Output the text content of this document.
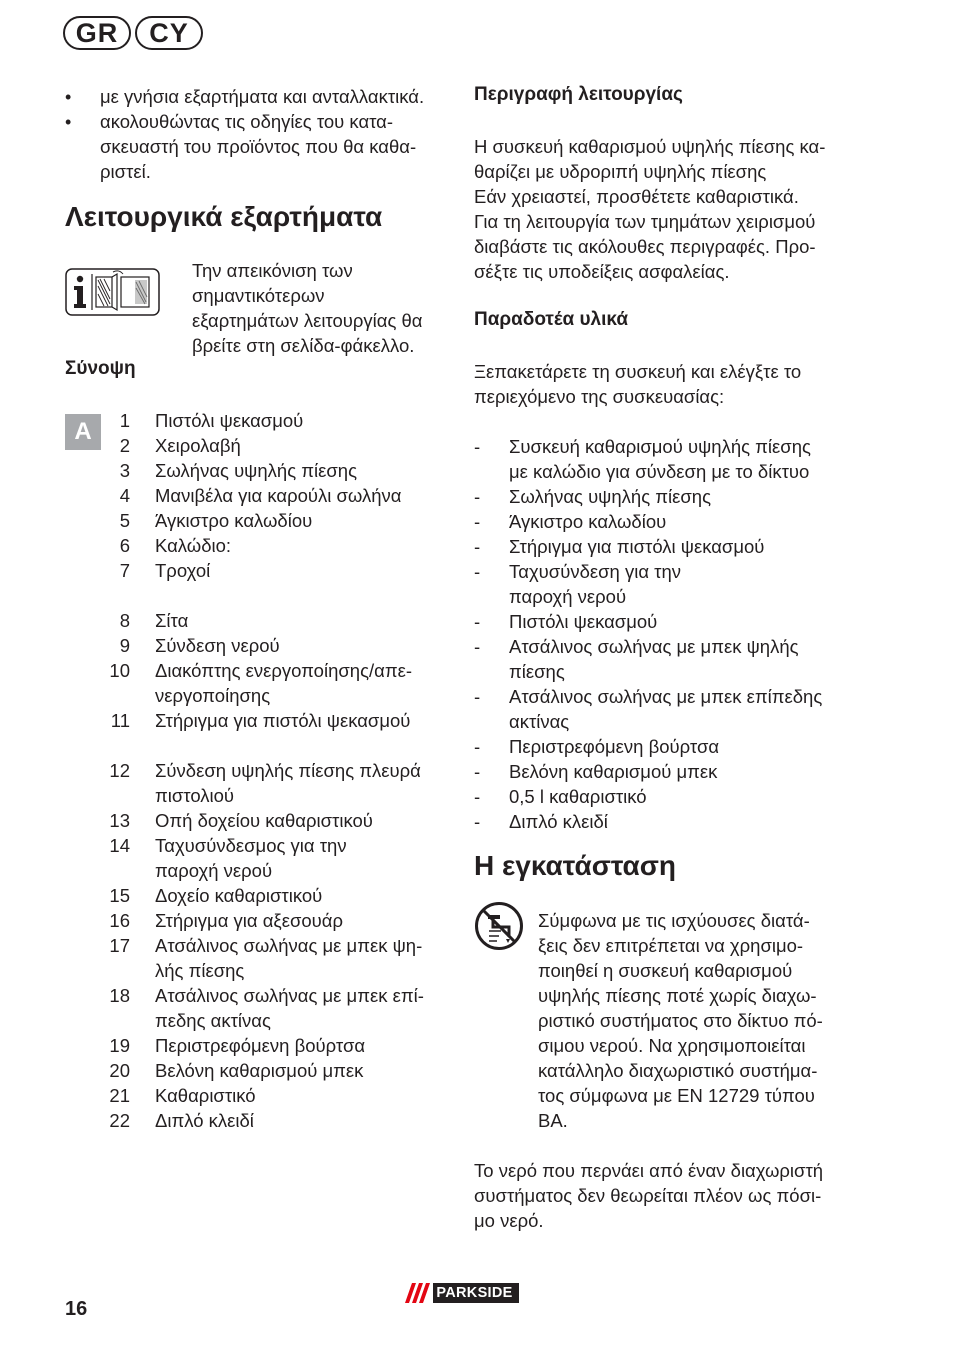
GR	CY
• με γνήσια εξαρτήματα και ανταλλακτικά.
• ακολουθώντας τις οδηγίες του κατα-
σκευαστή του προϊόντος που θα καθα-
ριστεί.
Λειτουργικά εξαρτήματα
Την απεικόνιση των
σημαντικότερων
εξαρτημάτων λειτουργίας θα
βρείτε στη σελίδα-φάκελλο.
Σύνοψη
A	1 Πιστόλι ψεκασμού
2 Χειρολαβή
3 Σωλήνας υψηλής πίεσης
4 Μανιβέλα για καρούλι σωλήνα
5 Άγκιστρο καλωδίου
6 Καλώδιο:
7 Τροχοί
8 Σίτα
9 Σύνδεση νερού
10 Διακόπτης ενεργοποίησης/απε-
νεργοποίησης
11 Στήριγμα για πιστόλι ψεκασμού
12 Σύνδεση υψηλής πίεσης πλευρά
πιστολιού
13 Οπή δοχείου καθαριστικού
14 Ταχυσύνδεσμος για την
παροχή νερού
15 Δοχείο καθαριστικού
16 Στήριγμα για αξεσουάρ
17 Ατσάλινος σωλήνας με μπεκ ψη-
λής πίεσης
18 Ατσάλινος σωλήνας με μπεκ επί-
πεδης ακτίνας
19 Περιστρεφόμενη βούρτσα
20 Βελόνη καθαρισμού μπεκ
21 Καθαριστικό
22 Διπλό κλειδί
Περιγραφή λειτουργίας
Η συσκευή καθαρισμού υψηλής πίεσης κα-
θαρίζει με υδροριπή υψηλής πίεσης
Εάν χρειαστεί, προσθέτετε καθαριστικά.
Για τη λειτουργία των τμημάτων χειρισμού
διαβάστε τις ακόλουθες περιγραφές. Προ-
σέξτε τις υποδείξεις ασφαλείας.
Παραδοτέα υλικά
Ξεπακετάρετε τη συσκευή και ελέγξτε το
περιεχόμενο της συσκευασίας:
- Συσκευή καθαρισμού υψηλής πίεσης
με καλώδιο για σύνδεση με το δίκτυο
- Σωλήνας υψηλής πίεσης
- Άγκιστρο καλωδίου
- Στήριγμα για πιστόλι ψεκασμού
- Ταχυσύνδεση για την
παροχή νερού
- Πιστόλι ψεκασμού
- Ατσάλινος σωλήνας με μπεκ ψηλής
πίεσης
- Ατσάλινος σωλήνας με μπεκ επίπεδης
ακτίνας
- Περιστρεφόμενη βούρτσα
- Βελόνη καθαρισμού μπεκ
- 0,5 l καθαριστικό
- Διπλό κλειδί
Η εγκατάσταση
Σύμφωνα με τις ισχύουσες διατά-
ξεις δεν επιτρέπεται να χρησιμο-
ποιηθεί η συσκευή καθαρισμού
υψηλής πίεσης ποτέ χωρίς διαχω-
ριστικό συστήματος στο δίκτυο πό-
σιμου νερού. Να χρησιμοποιείται
κατάλληλο διαχωριστικό συστήμα-
τος σύμφωνα με EN 12729 τύπου
BA.
Το νερό που περνάει από έναν διαχωριστή
συστήματος δεν θεωρείται πλέον ως πόσι-
μο νερό.
16
PARKSIDE
